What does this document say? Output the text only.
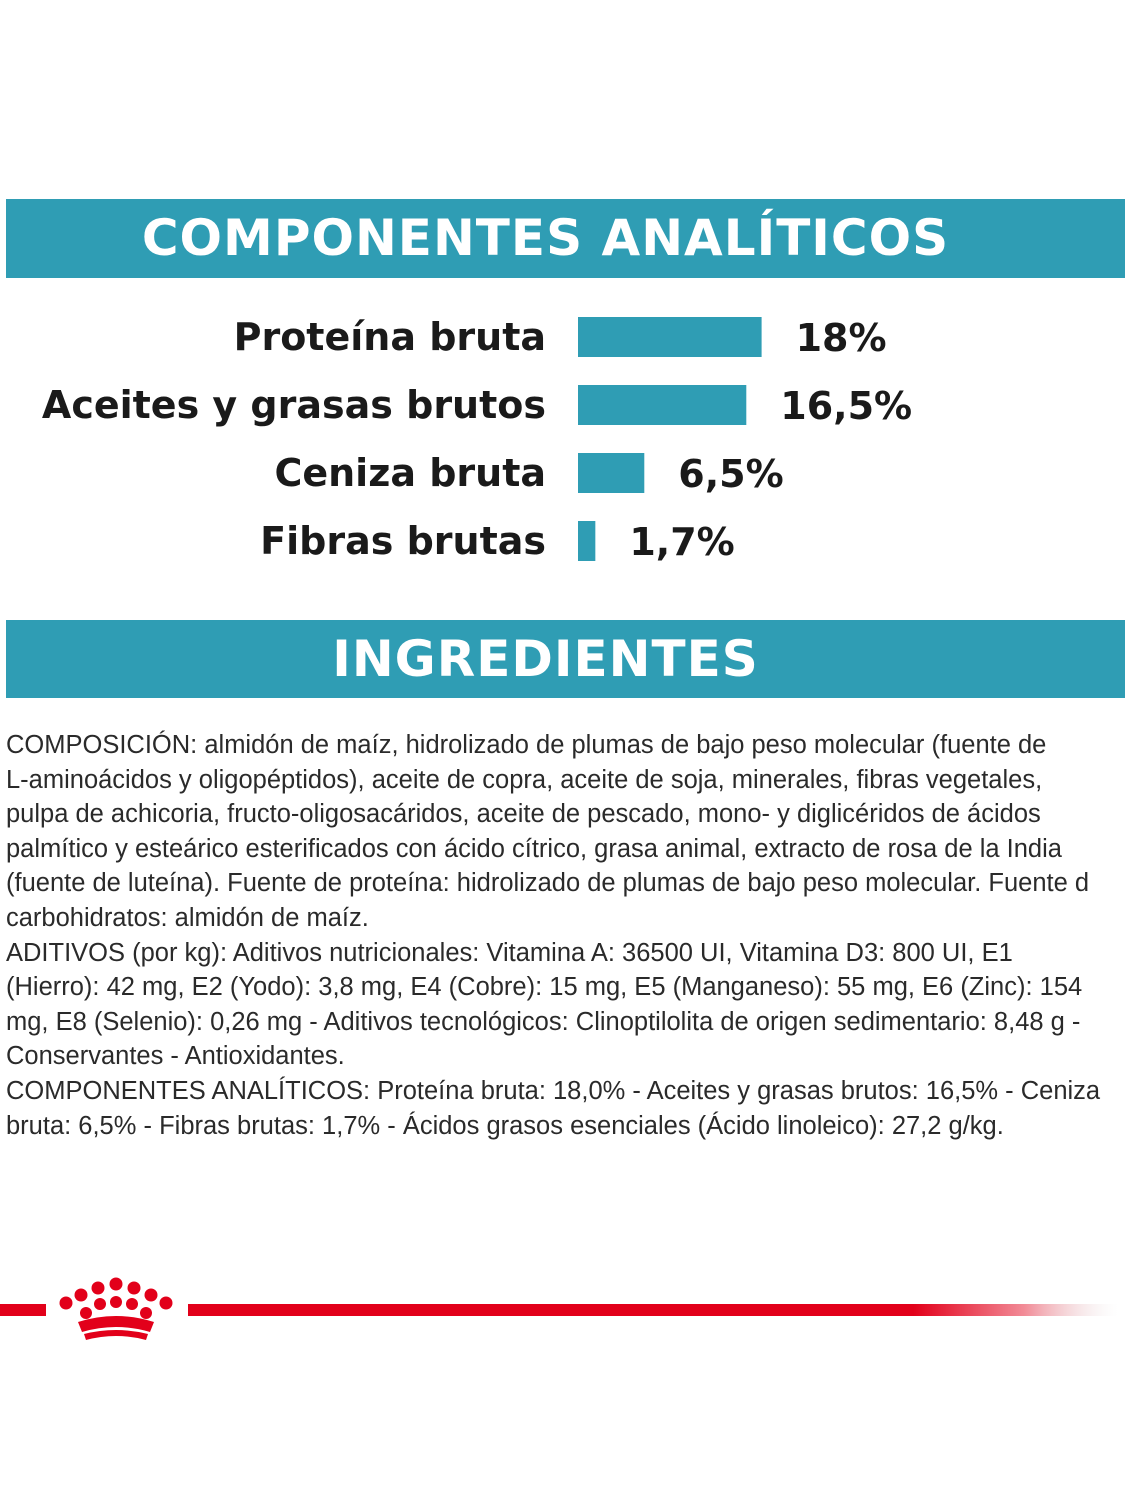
COMPONENTES ANALÍTICOS
Proteína bruta	18%
Aceites y grasas brutos	16,5%
Ceniza bruta	6,5%
Fibras brutas 1,7%
INGREDIENTES

COMPOSICIÓN: almidón de maíz, hidrolizado de plumas de bajo peso molecular (fuente de

L-aminoácidos y oligopéptidos), aceite de copra, aceite de soja, minerales, fibras vegetales,

pulpa de achicoria, fructo-oligosacáridos, aceite de pescado, mono- y diglicéridos de ácidos

palmítico y esteárico esterificados con ácido cítrico, grasa animal, extracto de rosa de la India

(fuente de luteína). Fuente de proteína: hidrolizado de plumas de bajo peso molecular. Fuente d

carbohidratos: almidón de maíz.

ADITIVOS (por kg): Aditivos nutricionales: Vitamina A: 36500 UI, Vitamina D3: 800 UI, E1

(Hierro): 42 mg, E2 (Yodo): 3,8 mg, E4 (Cobre): 15 mg, E5 (Manganeso): 55 mg, E6 (Zinc): 154

mg, E8 (Selenio): 0,26 mg - Aditivos tecnológicos: Clinoptilolita de origen sedimentario: 8,48 g -

Conservantes - Antioxidantes.

COMPONENTES ANALÍTICOS: Proteína bruta: 18,0% - Aceites y grasas brutos: 16,5% - Ceniza

bruta: 6,5% - Fibras brutas: 1,7% - Ácidos grasos esenciales (Ácido linoleico): 27,2 g/kg.
